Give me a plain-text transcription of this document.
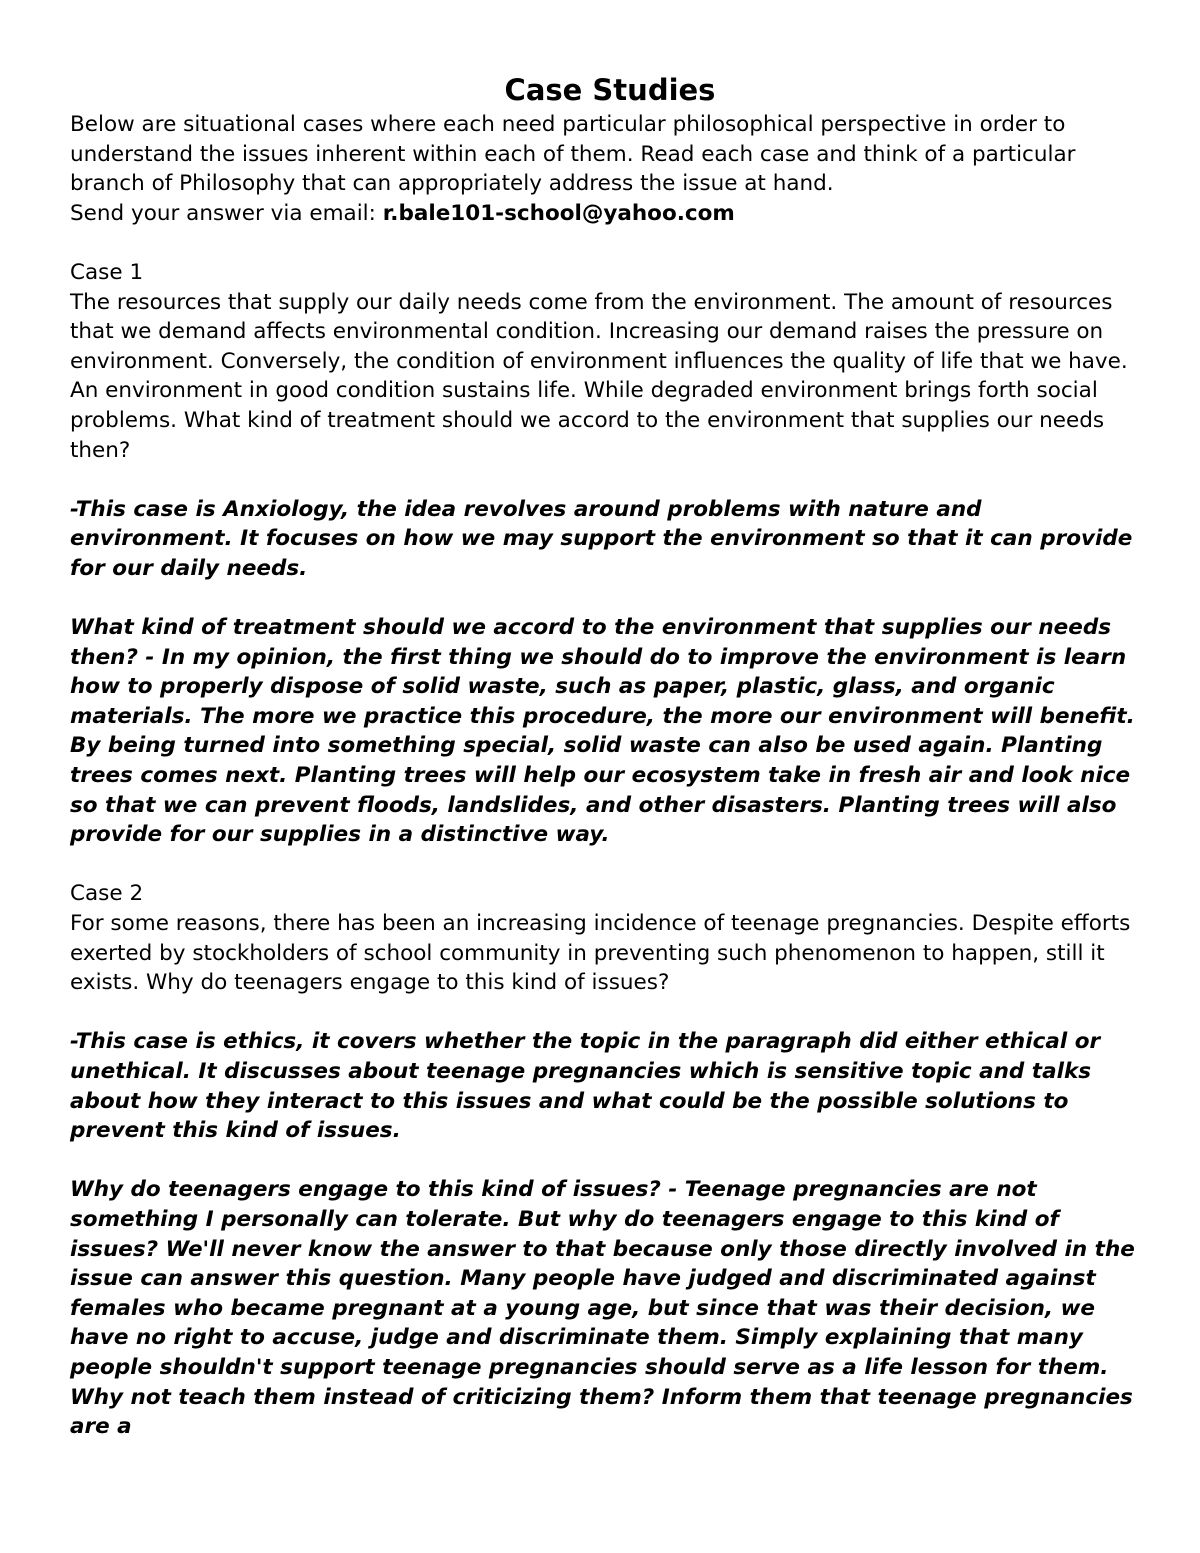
Case Studies

Below are situational cases where each need particular philosophical perspective in order to understand the issues inherent within each of them. Read each case and think of a particular branch of Philosophy that can appropriately address the issue at hand.

Send your answer via email: r.bale101-school@yahoo.com

Case 1

The resources that supply our daily needs come from the environment. The amount of resources that we demand affects environmental condition. Increasing our demand raises the pressure on environment. Conversely, the condition of environment influences the quality of life that we have. An environment in good condition sustains life. While degraded environment brings forth social problems. What kind of treatment should we accord to the environment that supplies our needs then?

-This case is Anxiology, the idea revolves around problems with nature and environment. It focuses on how we may support the environment so that it can provide for our daily needs.

What kind of treatment should we accord to the environment that supplies our needs then? - In my opinion, the first thing we should do to improve the environment is learn how to properly dispose of solid waste, such as paper, plastic, glass, and organic materials. The more we practice this procedure, the more our environment will benefit. By being turned into something special, solid waste can also be used again. Planting trees comes next. Planting trees will help our ecosystem take in fresh air and look nice so that we can prevent floods, landslides, and other disasters. Planting trees will also provide for our supplies in a distinctive way.

Case 2

For some reasons, there has been an increasing incidence of teenage pregnancies. Despite efforts exerted by stockholders of school community in preventing such phenomenon to happen, still it exists. Why do teenagers engage to this kind of issues?

-This case is ethics, it covers whether the topic in the paragraph did either ethical or unethical. It discusses about teenage pregnancies which is sensitive topic and talks about how they interact to this issues and what could be the possible solutions to prevent this kind of issues.

Why do teenagers engage to this kind of issues? - Teenage pregnancies are not something I personally can tolerate. But why do teenagers engage to this kind of issues? We'll never know the answer to that because only those directly involved in the issue can answer this question. Many people have judged and discriminated against females who became pregnant at a young age, but since that was their decision, we have no right to accuse, judge and discriminate them. Simply explaining that many people shouldn't support teenage pregnancies should serve as a life lesson for them. Why not teach them instead of criticizing them? Inform them that teenage pregnancies are a
